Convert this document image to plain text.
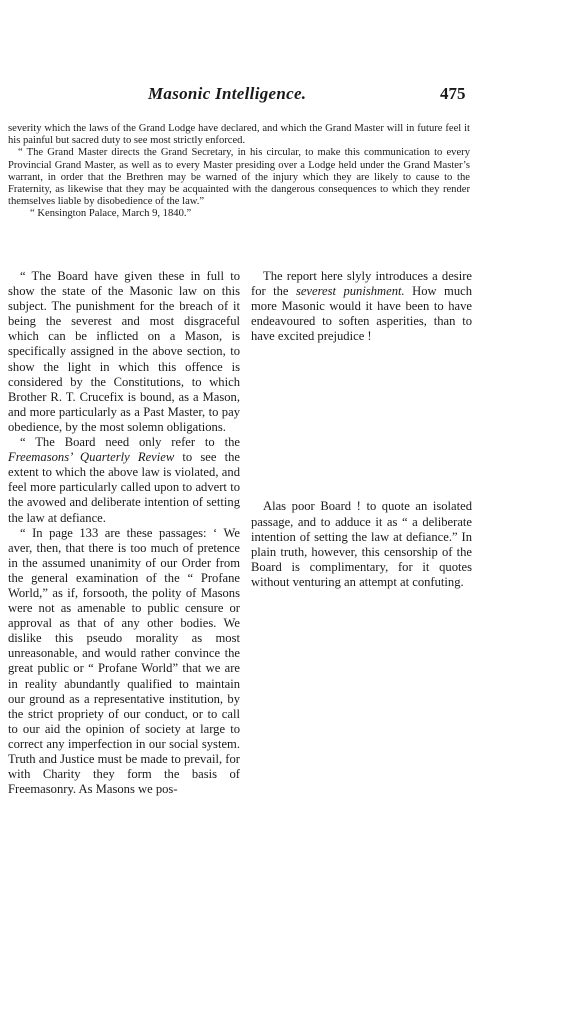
Masonic Intelligence.	475

severity which the laws of the Grand Lodge have declared, and which the Grand Master will in future feel it his painful but sacred duty to see most strictly enforced.

“ The Grand Master directs the Grand Secretary, in his circular, to make this communication to every Provincial Grand Master, as well as to every Master presiding over a Lodge held under the Grand Master’s warrant, in order that the Brethren may be warned of the injury which they are likely to cause to the Fraternity, as likewise that they may be acquainted with the dangerous consequences to which they render themselves liable by disobedience of the law.”

“ Kensington Palace, March 9, 1840.”

“ The Board have given these in full to show the state of the Masonic law on this subject. The punishment for the breach of it being the severest and most disgraceful which can be inflicted on a Mason, is specifically assigned in the above section, to show the light in which this offence is considered by the Constitutions, to which Brother R. T. Crucefix is bound, as a Mason, and more particularly as a Past Master, to pay obedience, by the most solemn obligations.

“ The Board need only refer to the Freemasons’ Quarterly Review to see the extent to which the above law is violated, and feel more particularly called upon to advert to the avowed and deliberate intention of setting the law at defiance.

“ In page 133 are these passages: ‘ We aver, then, that there is too much of pretence in the assumed unanimity of our Order from the general examination of the “ Profane World,” as if, forsooth, the polity of Masons were not as amenable to public censure or approval as that of any other bodies. We dislike this pseudo morality as most unreasonable, and would rather convince the great public or “ Profane World” that we are in reality abundantly qualified to maintain our ground as a representative institution, by the strict propriety of our conduct, or to call to our aid the opinion of society at large to correct any imperfection in our social system. Truth and Justice must be made to prevail, for with Charity they form the basis of Freemasonry. As Masons we pos-

The report here slyly introduces a desire for the severest punishment. How much more Masonic would it have been to have endeavoured to soften asperities, than to have excited prejudice !

Alas poor Board ! to quote an isolated passage, and to adduce it as “ a deliberate intention of setting the law at defiance.” In plain truth, however, this censorship of the Board is complimentary, for it quotes without venturing an attempt at confuting.
